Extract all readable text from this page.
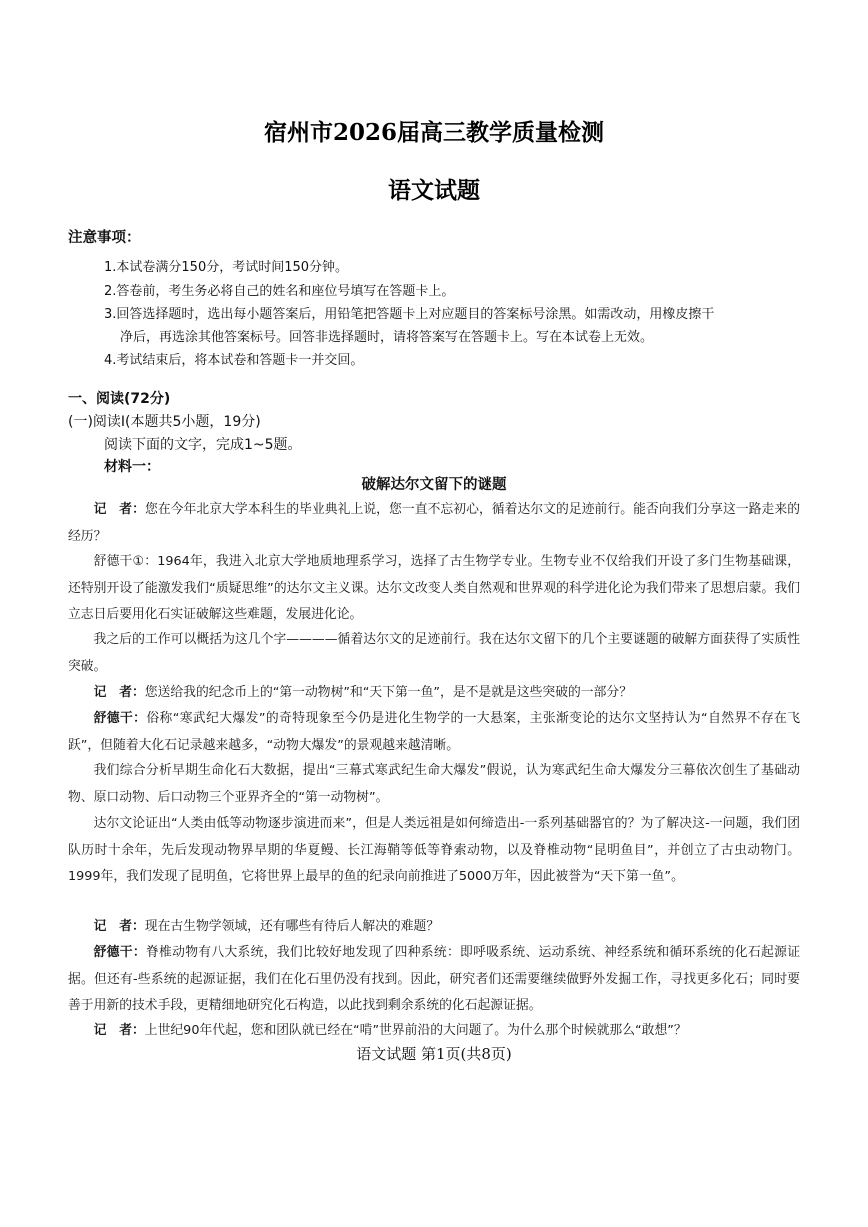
宿州市2026届高三教学质量检测
语文试题
注意事项：
1.本试卷满分150分，考试时间150分钟。
2.答卷前，考生务必将自己的姓名和座位号填写在答题卡上。
3.回答选择题时，选出每小题答案后，用铅笔把答题卡上对应题目的答案标号涂黑。如需改动，用橡皮擦干
净后，再选涂其他答案标号。回答非选择题时，请将答案写在答题卡上。写在本试卷上无效。
4.考试结束后，将本试卷和答题卡一并交回。
一、阅读(72分)
(一)阅读Ⅰ(本题共5小题，19分)
阅读下面的文字，完成1~5题。
材料一：
破解达尔文留下的谜题
记　者：您在今年北京大学本科生的毕业典礼上说，您一直不忘初心，循着达尔文的足迹前行。能否向我们分享这一路走来的经历？
舒德干①：1964年，我进入北京大学地质地理系学习，选择了古生物学专业。生物专业不仅给我们开设了多门生物基础课，还特别开设了能激发我们“质疑思维”的达尔文主义课。达尔文改变人类自然观和世界观的科学进化论为我们带来了思想启蒙。我们立志日后要用化石实证破解这些难题，发展进化论。
我之后的工作可以概括为这几个字————循着达尔文的足迹前行。我在达尔文留下的几个主要谜题的破解方面获得了实质性突破。
记　者：您送给我的纪念币上的“第一动物树”和“天下第一鱼”，是不是就是这些突破的一部分？
舒德干：俗称“寒武纪大爆发”的奇特现象至今仍是进化生物学的一大悬案，主张渐变论的达尔文坚持认为“自然界不存在飞跃”，但随着大化石记录越来越多，“动物大爆发”的景观越来越清晰。
我们综合分析早期生命化石大数据，提出“三幕式寒武纪生命大爆发”假说，认为寒武纪生命大爆发分三幕依次创生了基础动物、原口动物、后口动物三个亚界齐全的“第一动物树”。
达尔文论证出“人类由低等动物逐步演进而来”，但是人类远祖是如何缔造出-一系列基础器官的？为了解决这-一问题，我们团队历时十余年，先后发现动物界早期的华夏鳗、长江海鞘等低等脊索动物，以及脊椎动物“昆明鱼目”，并创立了古虫动物门。1999年，我们发现了昆明鱼，它将世界上最早的鱼的纪录向前推进了5000万年，因此被誉为“天下第一鱼”。
记　者：现在古生物学领域，还有哪些有待后人解决的难题？
舒德干：脊椎动物有八大系统，我们比较好地发现了四种系统：即呼吸系统、运动系统、神经系统和循环系统的化石起源证据。但还有-些系统的起源证据，我们在化石里仍没有找到。因此，研究者们还需要继续做野外发掘工作，寻找更多化石；同时要善于用新的技术手段，更精细地研究化石构造，以此找到剩余系统的化石起源证据。
记　者：上世纪90年代起，您和团队就已经在“啃”世界前沿的大问题了。为什么那个时候就那么“敢想”？
语文试题 第1页(共8页)
